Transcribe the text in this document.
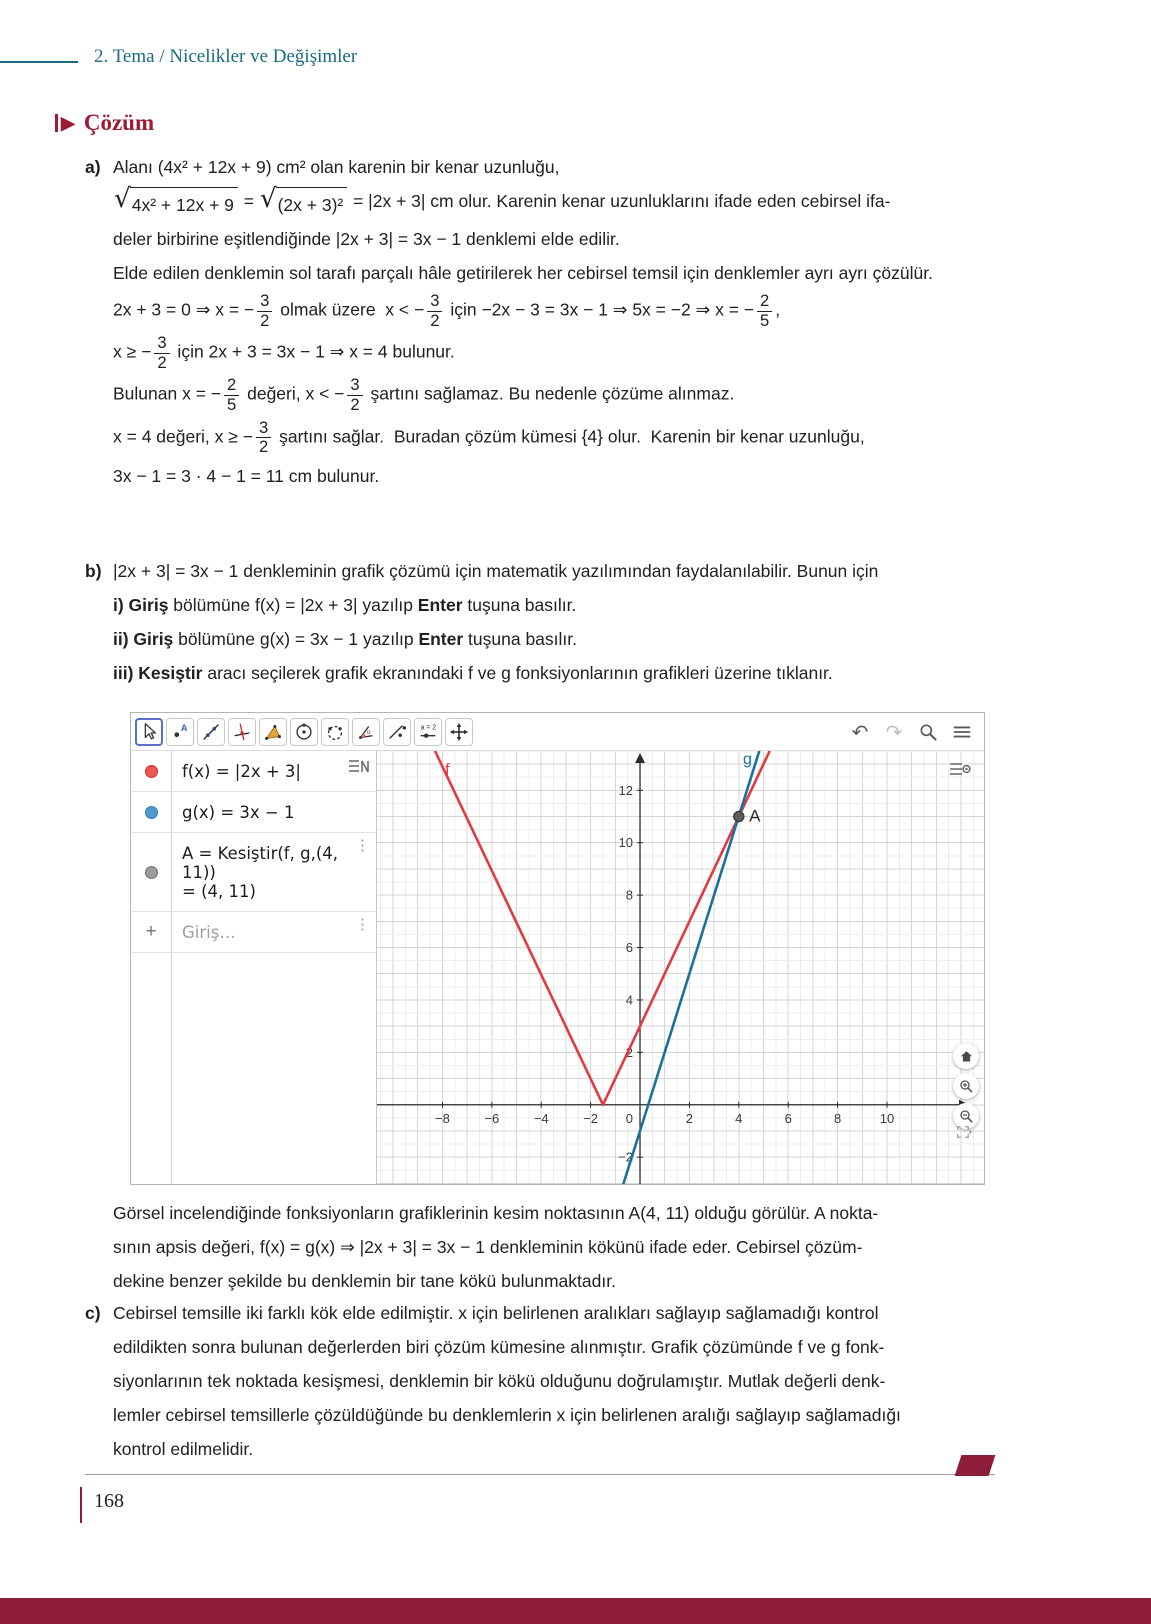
2. Tema / Nicelikler ve Değişimler
▶ Çözüm
a) Alanı (4x² + 12x + 9) cm² olan karenin bir kenar uzunluğu,
√ 4x² + 12x + 9 = √ (2x + 3)² = |2x + 3| cm olur. Karenin kenar uzunluklarını ifade eden cebirsel ifa-
deler birbirine eşitlendiğinde |2x + 3| = 3x − 1 denklemi elde edilir.
Elde edilen denklemin sol tarafı parçalı hâle getirilerek her cebirsel temsil için denklemler ayrı ayrı çözülür.
2x + 3 = 0 ⇒ x = − $\frac{3}{2}$ olmak üzere  x < − $\frac{3}{2}$ için −2x − 3 = 3x − 1 ⇒ 5x = −2 ⇒ x = − $\frac{2}{5}$ ,
x ≥ − $\frac{3}{2}$ için 2x + 3 = 3x − 1 ⇒ x = 4 bulunur.
Bulunan x = − $\frac{2}{5}$ değeri, x < − $\frac{3}{2}$ şartını sağlamaz. Bu nedenle çözüme alınmaz.
x = 4 değeri, x ≥ − $\frac{3}{2}$ şartını sağlar.  Buradan çözüm kümesi {4} olur.  Karenin bir kenar uzunluğu,
3x − 1 = 3 · 4 − 1 = 11 cm bulunur.
b) |2x + 3| = 3x − 1 denkleminin grafik çözümü için matematik yazılımından faydalanılabilir. Bunun için
i) Giriş bölümüne f(x) = |2x + 3| yazılıp Enter tuşuna basılır.
ii) Giriş bölümüne g(x) = 3x − 1 yazılıp Enter tuşuna basılır.
iii) Kesiştir aracı seçilerek grafik ekranındaki f ve g fonksiyonlarının grafikleri üzerine tıklanır.
A	α
a = 2	↶ ↷
f(x) = |2x + 3|
g(x) = 3x − 1
A = Kesiştir(f, g,(4, 11))
= (4, 11)
⋮
+ Giriş…	⋮
−8	−6	−4	−2	2	4	6	8	10
−2
2
4
6
8
10
12
0
f
g
A
Görsel incelendiğinde fonksiyonların grafiklerinin kesim noktasının A(4, 11) olduğu görülür. A nokta-
sının apsis değeri, f(x) = g(x) ⇒ |2x + 3| = 3x − 1 denkleminin kökünü ifade eder. Cebirsel çözüm-
dekine benzer şekilde bu denklemin bir tane kökü bulunmaktadır.
c) Cebirsel temsille iki farklı kök elde edilmiştir. x için belirlenen aralıkları sağlayıp sağlamadığı kontrol
edildikten sonra bulunan değerlerden biri çözüm kümesine alınmıştır. Grafik çözümünde f ve g fonk-
siyonlarının tek noktada kesişmesi, denklemin bir kökü olduğunu doğrulamıştır. Mutlak değerli denk-
lemler cebirsel temsillerle çözüldüğünde bu denklemlerin x için belirlenen aralığı sağlayıp sağlamadığı
kontrol edilmelidir.
168
